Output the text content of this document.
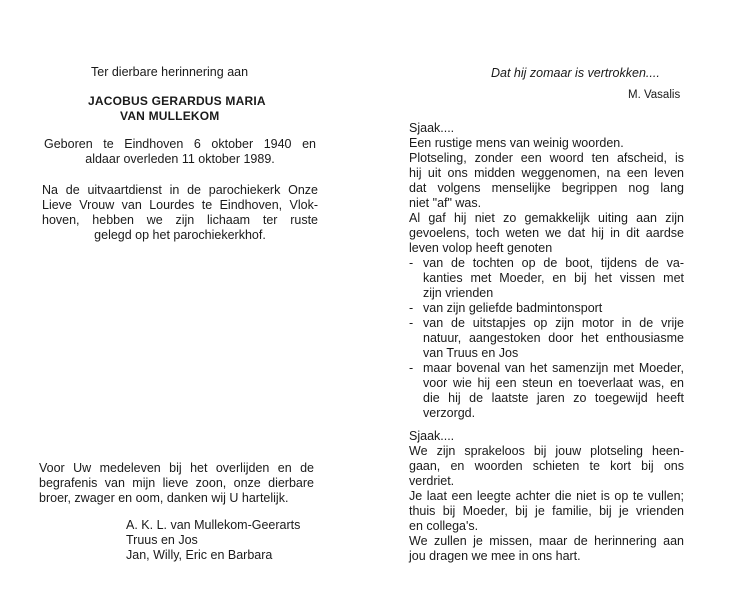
Ter dierbare herinnering aan

JACOBUS GERARDUS MARIA

VAN MULLEKOM

Geboren te Eindhoven 6 oktober 1940 en
aldaar overleden 11 oktober 1989.
Na de uitvaartdienst in de parochiekerk Onze
Lieve Vrouw van Lourdes te Eindhoven, Vlok-
hoven, hebben we zijn lichaam ter ruste
gelegd op het parochiekerkhof.
Voor Uw medeleven bij het overlijden en de
begrafenis van mijn lieve zoon, onze dierbare
broer, zwager en oom, danken wij U hartelijk.
A. K. L. van Mullekom-Geerarts
Truus en Jos
Jan, Willy, Eric en Barbara

Dat hij zomaar is vertrokken....

M. Vasalis

Sjaak....
Een rustige mens van weinig woorden.
Plotseling, zonder een woord ten afscheid, is
hij uit ons midden weggenomen, na een leven
dat volgens menselijke begrippen nog lang
niet "af" was.
Al gaf hij niet zo gemakkelijk uiting aan zijn
gevoelens, toch weten we dat hij in dit aardse
leven volop heeft genoten
- van de tochten op de boot, tijdens de va-
kanties met Moeder, en bij het vissen met
zijn vrienden
- van zijn geliefde badmintonsport
- van de uitstapjes op zijn motor in de vrije
natuur, aangestoken door het enthousiasme
van Truus en Jos
- maar bovenal van het samenzijn met Moeder,
voor wie hij een steun en toeverlaat was, en
die hij de laatste jaren zo toegewijd heeft
verzorgd.
Sjaak....
We zijn sprakeloos bij jouw plotseling heen-
gaan, en woorden schieten te kort bij ons
verdriet.
Je laat een leegte achter die niet is op te vullen;
thuis bij Moeder, bij je familie, bij je vrienden
en collega's.
We zullen je missen, maar de herinnering aan
jou dragen we mee in ons hart.
